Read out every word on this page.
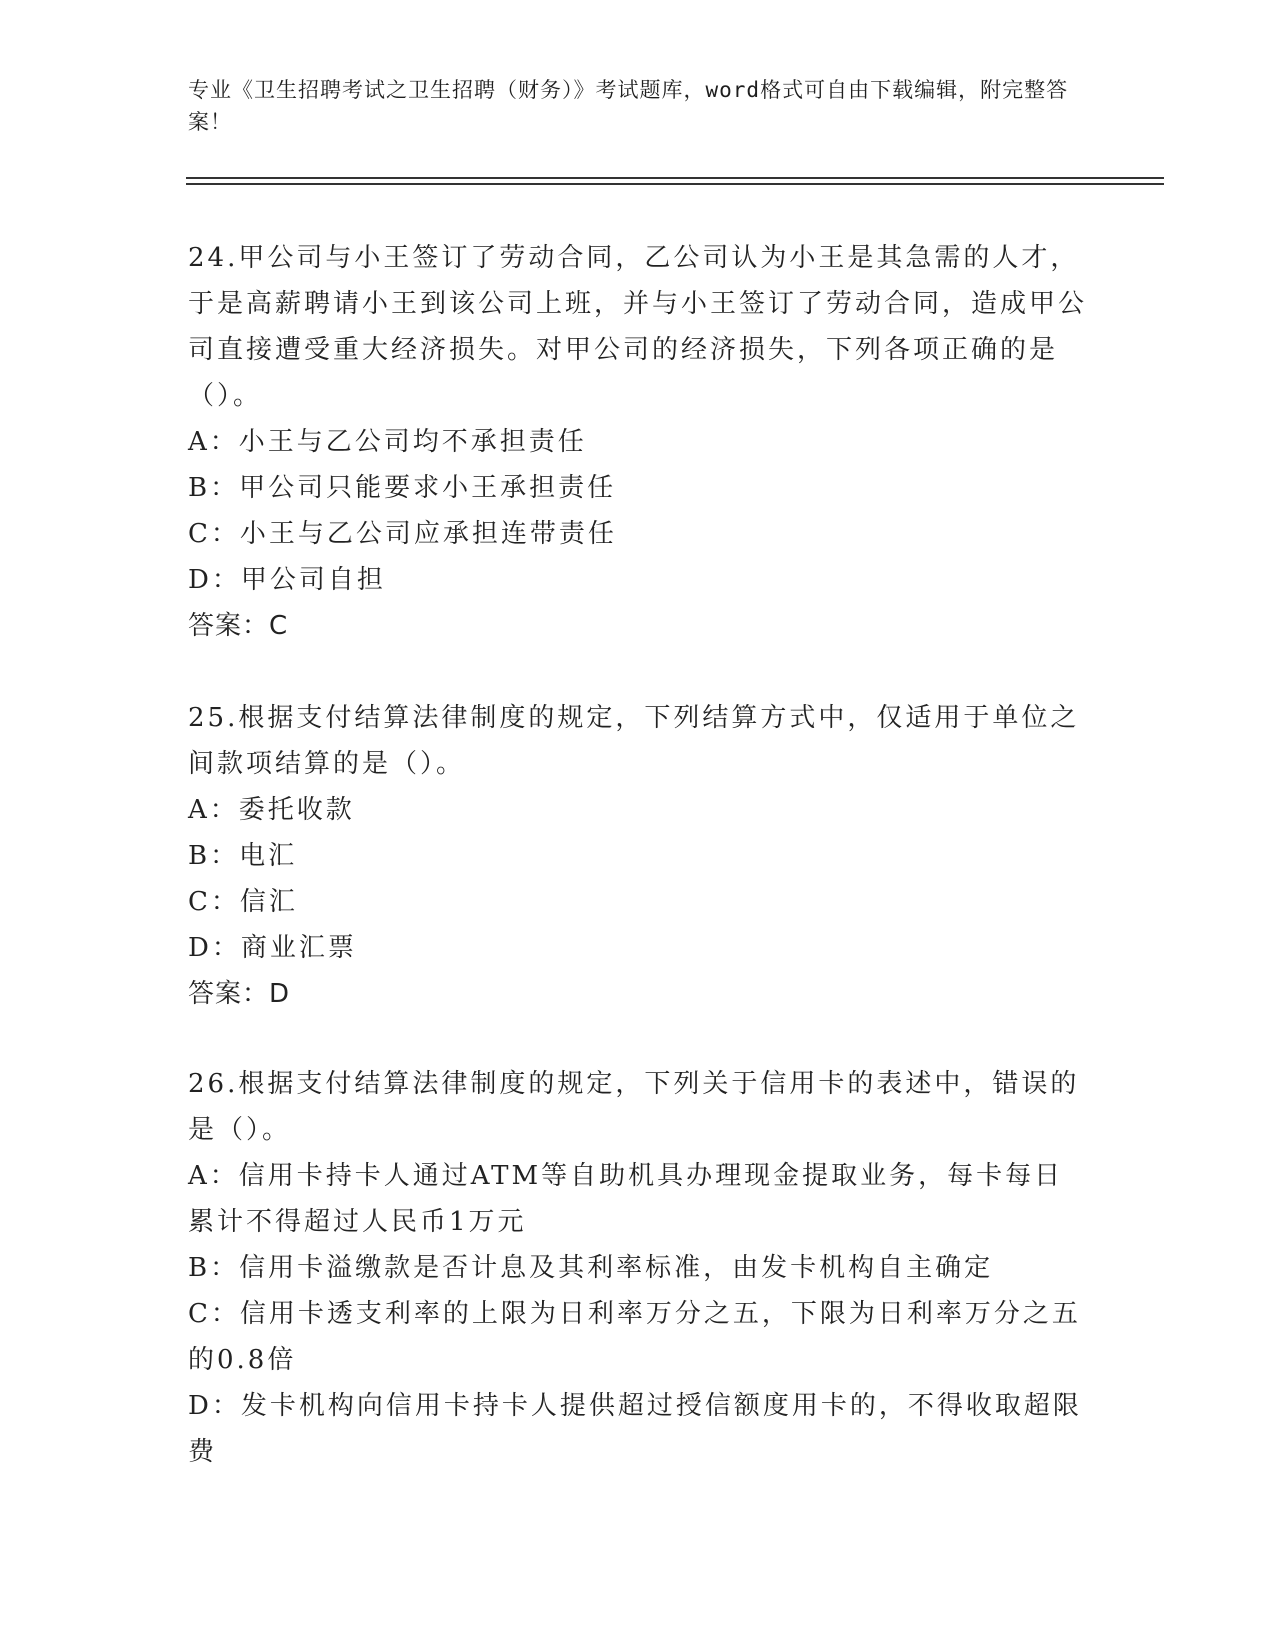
专业《卫生招聘考试之卫生招聘（财务）》考试题库，word格式可自由下载编辑，附完整答案！

24.甲公司与小王签订了劳动合同，乙公司认为小王是其急需的人才，于是高薪聘请小王到该公司上班，并与小王签订了劳动合同，造成甲公司直接遭受重大经济损失。对甲公司的经济损失，下列各项正确的是（）。

A：小王与乙公司均不承担责任

B：甲公司只能要求小王承担责任

C：小王与乙公司应承担连带责任

D：甲公司自担

答案：C

25.根据支付结算法律制度的规定，下列结算方式中，仅适用于单位之间款项结算的是（）。

A：委托收款

B：电汇

C：信汇

D：商业汇票

答案：D

26.根据支付结算法律制度的规定，下列关于信用卡的表述中，错误的是（）。

A：信用卡持卡人通过ATM等自助机具办理现金提取业务，每卡每日累计不得超过人民币1万元

B：信用卡溢缴款是否计息及其利率标准，由发卡机构自主确定

C：信用卡透支利率的上限为日利率万分之五，下限为日利率万分之五的0.8倍

D：发卡机构向信用卡持卡人提供超过授信额度用卡的，不得收取超限费
